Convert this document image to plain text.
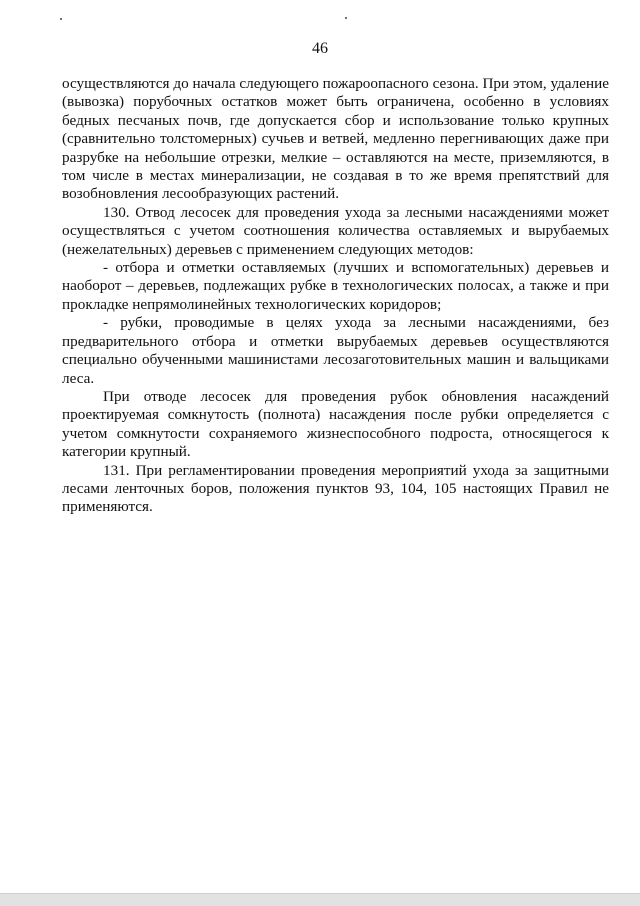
46

осуществляются до начала следующего пожароопасного сезона. При этом, удаление (вывозка) порубочных остатков может быть ограничена, особенно в условиях бедных песчаных почв, где допускается сбор и использование только крупных (сравнительно толстомерных) сучьев и ветвей, медленно перегнивающих даже при разрубке на небольшие отрезки, мелкие – оставляются на месте, приземляются, в том числе в местах минерализации, не создавая в то же время препятствий для возобновления лесообразующих растений.

130. Отвод лесосек для проведения ухода за лесными насаждениями может осуществляться с учетом соотношения количества оставляемых и вырубаемых (нежелательных) деревьев с применением следующих методов:

- отбора и отметки оставляемых (лучших и вспомогательных) деревьев и наоборот – деревьев, подлежащих рубке в технологических полосах, а также и при прокладке непрямолинейных технологических коридоров;

- рубки, проводимые в целях ухода за лесными насаждениями, без предварительного отбора и отметки вырубаемых деревьев осуществляются специально обученными машинистами лесозаготовительных машин и вальщиками леса.

При отводе лесосек для проведения рубок обновления насаждений проектируемая сомкнутость (полнота) насаждения после рубки определяется с учетом сомкнутости сохраняемого жизнеспособного подроста, относящегося к категории крупный.

131. При регламентировании проведения мероприятий ухода за защитными лесами ленточных боров, положения пунктов 93, 104, 105 настоящих Правил не применяются.
